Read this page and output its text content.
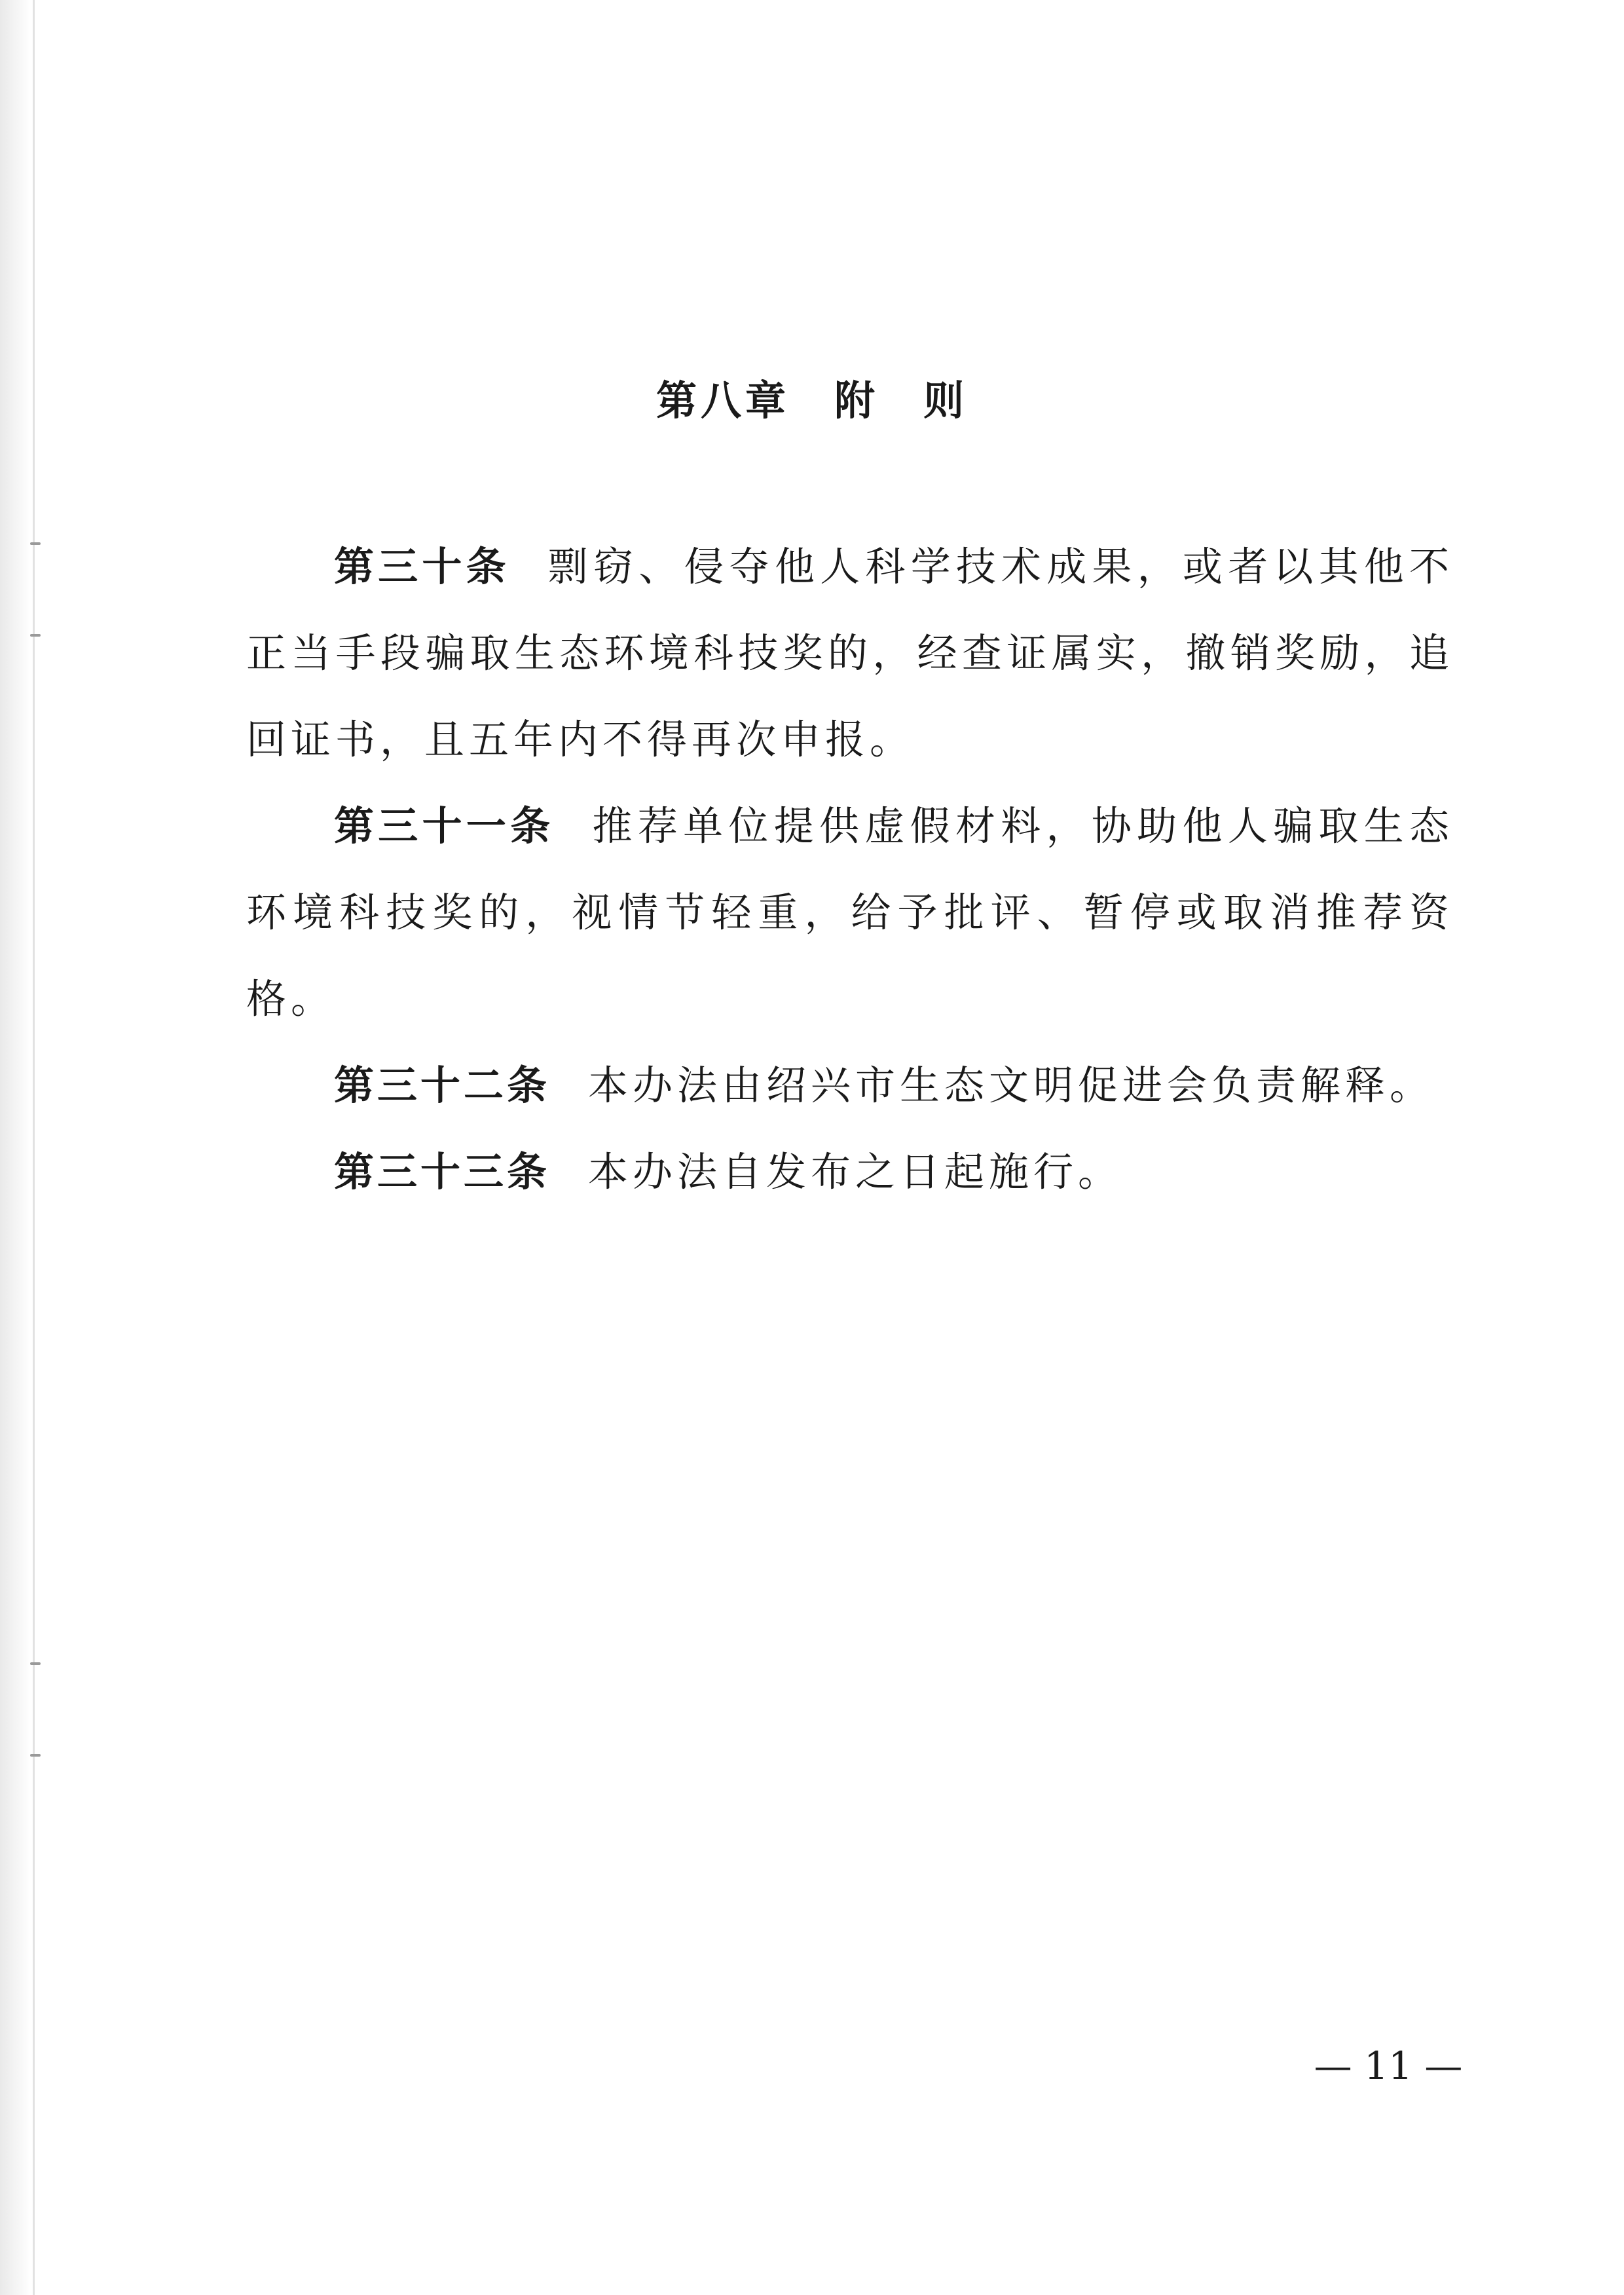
第八章　附　则

第三十条 剽窃、侵夺他人科学技术成果，或者以其他不正当手段骗取生态环境科技奖的，经查证属实，撤销奖励，追回证书，且五年内不得再次申报。

第三十一条 推荐单位提供虚假材料，协助他人骗取生态环境科技奖的，视情节轻重，给予批评、暂停或取消推荐资格。

第三十二条 本办法由绍兴市生态文明促进会负责解释。

第三十三条 本办法自发布之日起施行。

— 11 —
